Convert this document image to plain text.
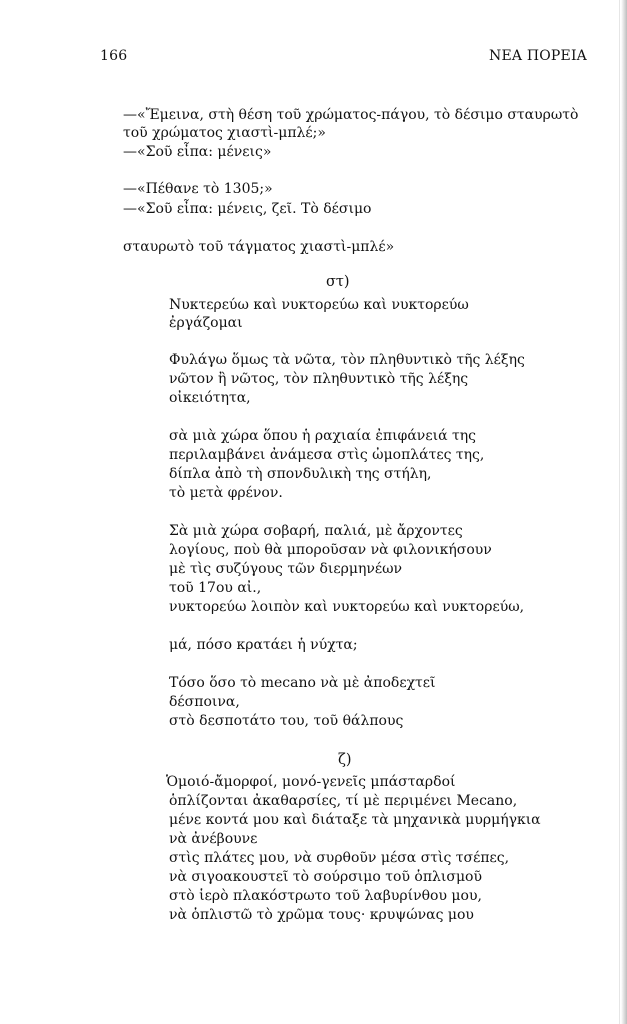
166	ΝΕΑ ΠΟΡΕΙΑ
—«Ἔμεινα, στὴ θέση τοῦ χρώματος-πάγου, τὸ δέσιμο σταυρωτὸ
τοῦ χρώματος χιαστὶ-μπλέ;»
—«Σοῦ εἶπα: μένεις»
—«Πέθανε τὸ 1305;»
—«Σοῦ εἶπα: μένεις, ζεῖ. Τὸ δέσιμο
σταυρωτὸ τοῦ τάγματος χιαστὶ-μπλέ»
στ)
Νυκτερεύω καὶ νυκτορεύω καὶ νυκτορεύω
ἐργάζομαι
Φυλάγω ὅμως τὰ νῶτα, τὸν πληθυντικὸ τῆς λέξης
νῶτον ἢ νῶτος, τὸν πληθυντικὸ τῆς λέξης
οἰκειότητα,
σὰ μιὰ χώρα ὅπου ἡ ραχιαία ἐπιφάνειά της
περιλαμβάνει ἀνάμεσα στὶς ὠμοπλάτες της,
δίπλα ἀπὸ τὴ σπονδυλικὴ της στήλη,
τὸ μετὰ φρένον.
Σὰ μιὰ χώρα σοβαρή, παλιά, μὲ ἄρχοντες
λογίους, ποὺ θὰ μποροῦσαν νὰ φιλονικήσουν
μὲ τὶς συζύγους τῶν διερμηνέων
τοῦ 17ου αἰ.,
νυκτορεύω λοιπὸν καὶ νυκτορεύω καὶ νυκτορεύω,
μά, πόσο κρατάει ἡ νύχτα;
Τόσο ὅσο τὸ mecano νὰ μὲ ἀποδεχτεῖ
δέσποινα,
στὸ δεσποτάτο του, τοῦ θάλπους
ζ)
Ὁμοιό-ἄμορφοί, μονό-γενεῖς μπάσταρδοί
ὁπλίζονται ἀκαθαρσίες, τί μὲ περιμένει Mecano,
μένε κοντά μου καὶ διάταξε τὰ μηχανικὰ μυρμήγκια
νὰ ἀνέβουνε
στὶς πλάτες μου, νὰ συρθοῦν μέσα στὶς τσέπες,
νὰ σιγοακουστεῖ τὸ σούρσιμο τοῦ ὁπλισμοῦ
στὸ ἱερὸ πλακόστρωτο τοῦ λαβυρίνθου μου,
νὰ ὁπλιστῶ τὸ χρῶμα τους· κρυψώνας μου
